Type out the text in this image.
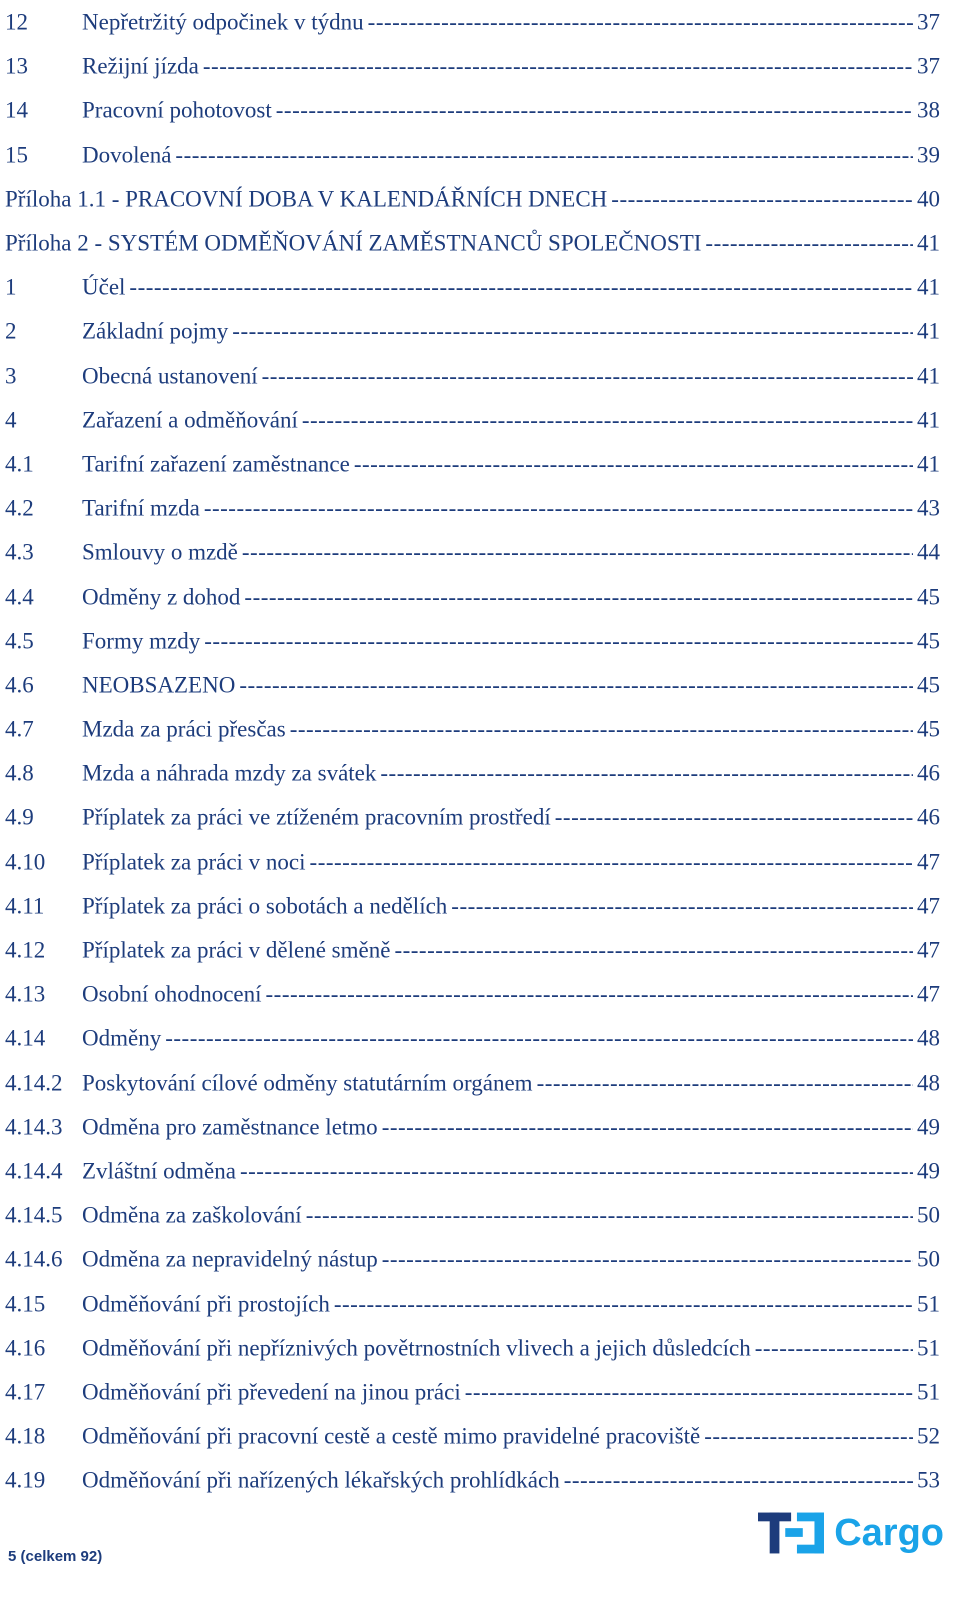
12 Nepřetržitý odpočinek v týdnu -----	37
13 Režijní jízda -----	37
14 Pracovní pohotovost -----	38
15 Dovolená -----	39
Příloha 1.1 - PRACOVNÍ DOBA V KALENDÁŘNÍCH DNECH -----	40
Příloha 2 - SYSTÉM ODMĚŇOVÁNÍ ZAMĚSTNANCŮ SPOLEČNOSTI -----	41
1	Účel -----	41
2	Základní pojmy -----	41
3	Obecná ustanovení -----	41
4	Zařazení a odměňování -----	41
4.1 Tarifní zařazení zaměstnance -----	41
4.2 Tarifní mzda -----	43
4.3 Smlouvy o mzdě -----	44
4.4 Odměny z dohod -----	45
4.5 Formy mzdy -----	45
4.6 NEOBSAZENO -----	45
4.7 Mzda za práci přesčas -----	45
4.8 Mzda a náhrada mzdy za svátek -----	46
4.9 Příplatek za práci ve ztíženém pracovním prostředí -----	46
4.10 Příplatek za práci v noci -----	47
4.11 Příplatek za práci o sobotách a nedělích -----	47
4.12 Příplatek za práci v dělené směně -----	47
4.13 Osobní ohodnocení -----	47
4.14 Odměny -----	48
4.14.2 Poskytování cílové odměny statutárním orgánem -----	48
4.14.3 Odměna pro zaměstnance letmo -----	49
4.14.4 Zvláštní odměna -----	49
4.14.5 Odměna za zaškolování -----	50
4.14.6 Odměna za nepravidelný nástup -----	50
4.15 Odměňování při prostojích -----	51
4.16 Odměňování při nepříznivých povětrnostních vlivech a jejich důsledcích -----	51
4.17 Odměňování při převedení na jinou práci -----	51
4.18 Odměňování při pracovní cestě a cestě mimo pravidelné pracoviště -----	52
4.19 Odměňování při nařízených lékařských prohlídkách -----	53
5 (celkem 92)
Cargo
